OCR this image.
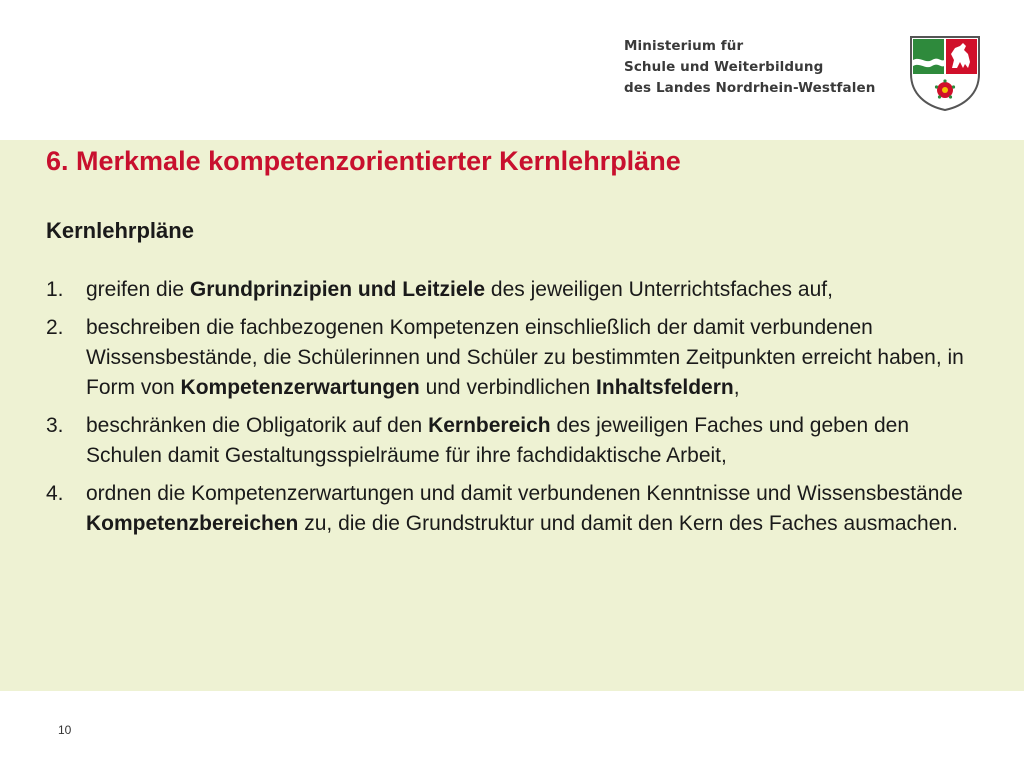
Ministerium für
Schule und Weiterbildung
des Landes Nordrhein-Westfalen
6. Merkmale kompetenzorientierter Kernlehrpläne
Kernlehrpläne
1.	greifen die Grundprinzipien und Leitziele des jeweiligen Unterrichtsfaches auf,
2.	beschreiben die fachbezogenen Kompetenzen einschließlich der damit verbundenen Wissensbestände, die Schülerinnen und Schüler zu bestimmten Zeitpunkten erreicht haben, in Form von Kompetenzerwartungen und verbindlichen Inhaltsfeldern,
3.	beschränken die Obligatorik auf den Kernbereich des jeweiligen Faches und geben den Schulen damit Gestaltungsspielräume für ihre fachdidaktische Arbeit,
4.	ordnen die Kompetenzerwartungen und damit verbundenen Kenntnisse und Wissensbestände Kompetenzbereichen zu, die die Grundstruktur und damit den Kern des Faches ausmachen.
10
